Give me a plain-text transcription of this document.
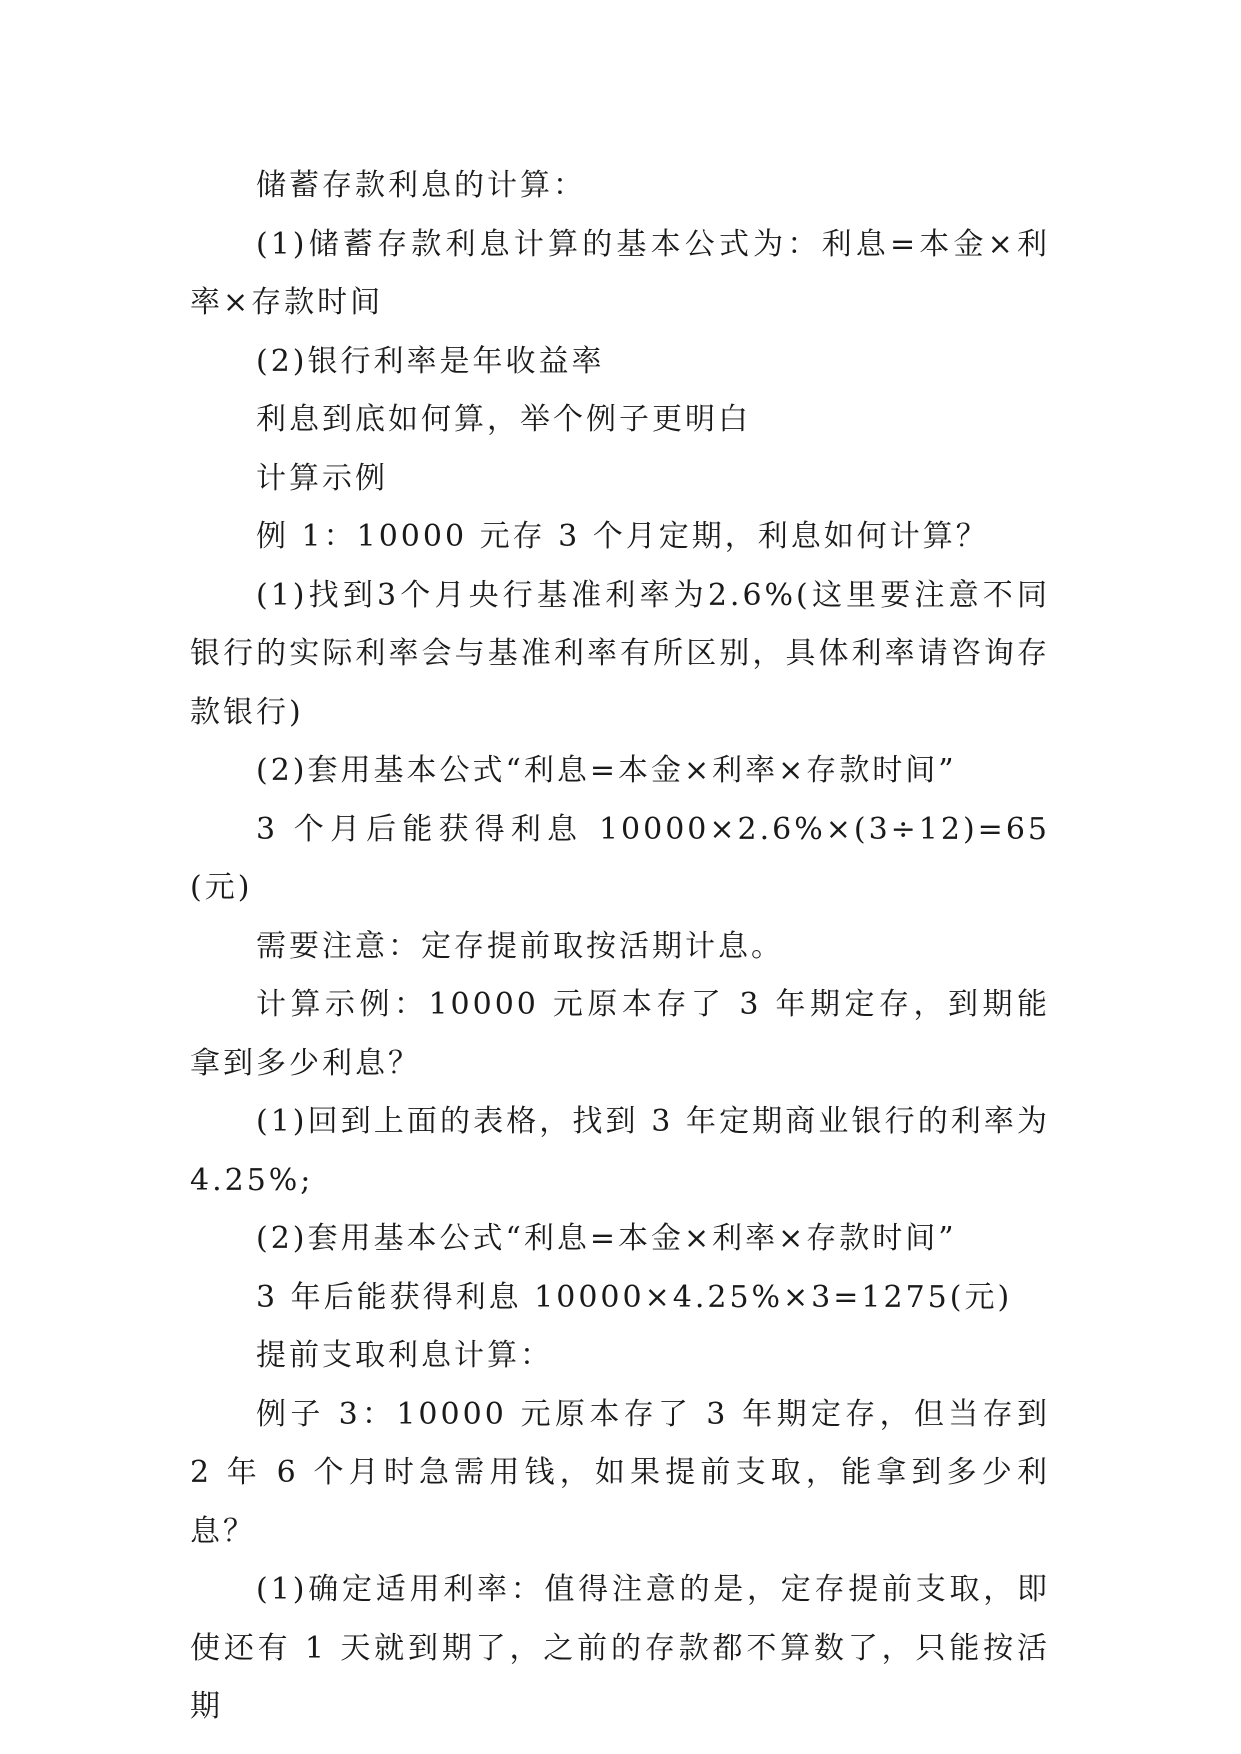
储蓄存款利息的计算：

(1)储蓄存款利息计算的基本公式为：利息=本金×利率×存款时间

(2)银行利率是年收益率

利息到底如何算，举个例子更明白

计算示例

例 1：10000 元存 3 个月定期，利息如何计算？

(1)找到3个月央行基准利率为2.6%(这里要注意不同银行的实际利率会与基准利率有所区别，具体利率请咨询存款银行)

(2)套用基本公式“利息=本金×利率×存款时间”

3 个月后能获得利息 10000×2.6%×(3÷12)=65(元)

需要注意：定存提前取按活期计息。

计算示例：10000 元原本存了 3 年期定存，到期能拿到多少利息？

(1)回到上面的表格，找到 3 年定期商业银行的利率为4.25%;

(2)套用基本公式“利息=本金×利率×存款时间”

3 年后能获得利息 10000×4.25%×3=1275(元)

提前支取利息计算：

例子 3：10000 元原本存了 3 年期定存，但当存到 2 年 6 个月时急需用钱，如果提前支取，能拿到多少利息？

(1)确定适用利率：值得注意的是，定存提前支取，即使还有 1 天就到期了，之前的存款都不算数了，只能按活期
